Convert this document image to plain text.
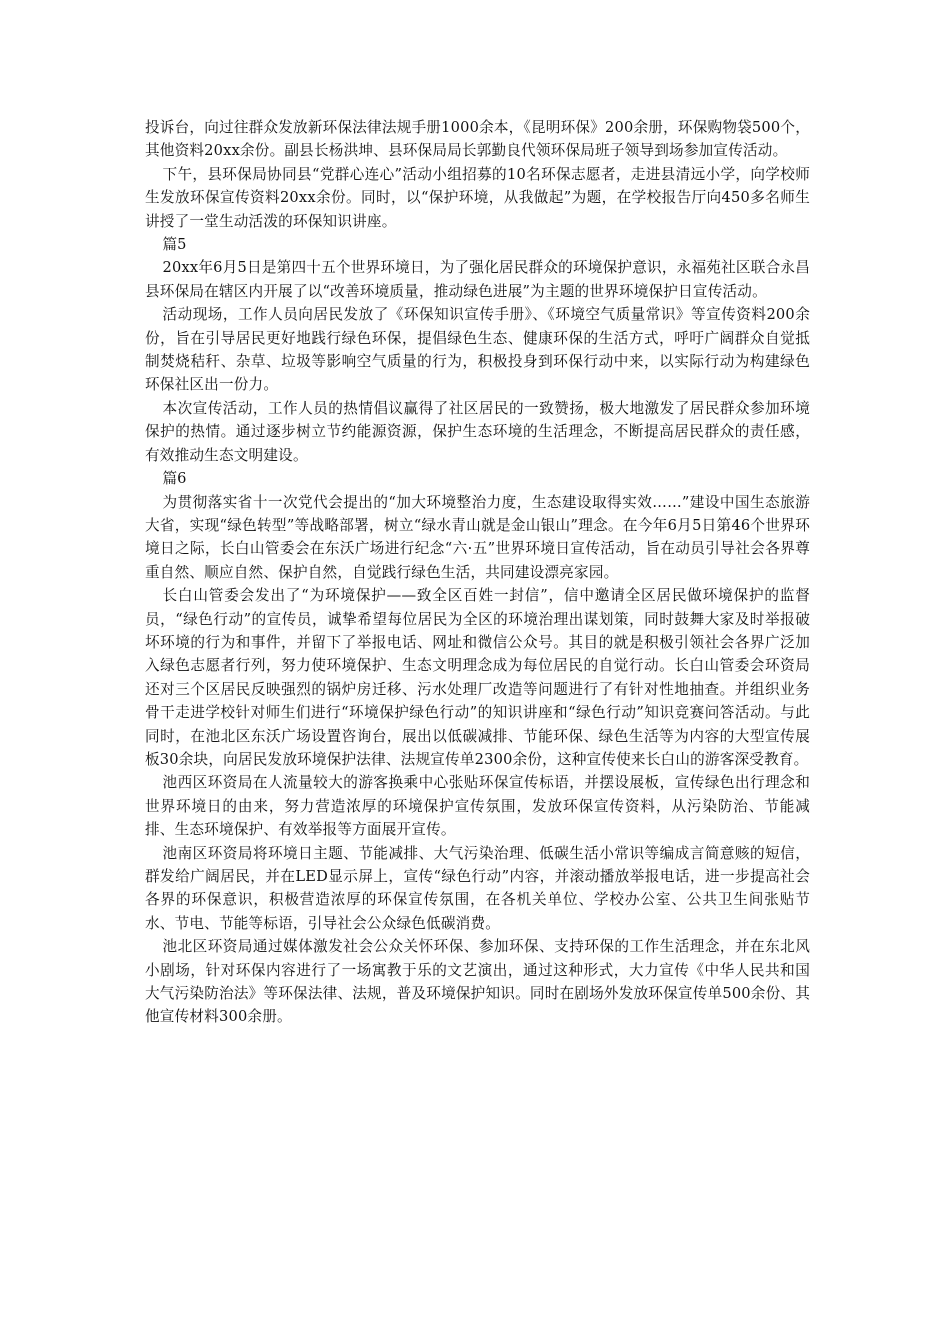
投诉台，向过往群众发放新环保法律法规手册1000余本，《昆明环保》200余册，环保购物袋500个，其他资料20xx余份。副县长杨洪坤、县环保局局长郭勤良代领环保局班子领导到场参加宣传活动。

下午，县环保局协同县“党群心连心”活动小组招募的10名环保志愿者，走进县清远小学，向学校师生发放环保宣传资料20xx余份。同时，以“保护环境，从我做起”为题，在学校报告厅向450多名师生讲授了一堂生动活泼的环保知识讲座。

篇5

20xx年6月5日是第四十五个世界环境日，为了强化居民群众的环境保护意识，永福苑社区联合永昌县环保局在辖区内开展了以“改善环境质量，推动绿色进展”为主题的世界环境保护日宣传活动。

活动现场，工作人员向居民发放了《环保知识宣传手册》、《环境空气质量常识》等宣传资料200余份，旨在引导居民更好地践行绿色环保，提倡绿色生态、健康环保的生活方式，呼吁广阔群众自觉抵制焚烧秸秆、杂草、垃圾等影响空气质量的行为，积极投身到环保行动中来，以实际行动为构建绿色环保社区出一份力。

本次宣传活动，工作人员的热情倡议赢得了社区居民的一致赞扬，极大地激发了居民群众参加环境保护的热情。通过逐步树立节约能源资源，保护生态环境的生活理念，不断提高居民群众的责任感，有效推动生态文明建设。

篇6

为贯彻落实省十一次党代会提出的“加大环境整治力度，生态建设取得实效……”建设中国生态旅游大省，实现“绿色转型”等战略部署，树立“绿水青山就是金山银山”理念。在今年6月5日第46个世界环境日之际，长白山管委会在东沃广场进行纪念“六·五”世界环境日宣传活动，旨在动员引导社会各界尊重自然、顺应自然、保护自然，自觉践行绿色生活，共同建设漂亮家园。

长白山管委会发出了“为环境保护——致全区百姓一封信”，信中邀请全区居民做环境保护的监督员，“绿色行动”的宣传员，诚挚希望每位居民为全区的环境治理出谋划策，同时鼓舞大家及时举报破坏环境的行为和事件，并留下了举报电话、网址和微信公众号。其目的就是积极引领社会各界广泛加入绿色志愿者行列，努力使环境保护、生态文明理念成为每位居民的自觉行动。长白山管委会环资局还对三个区居民反映强烈的锅炉房迁移、污水处理厂改造等问题进行了有针对性地抽查。并组织业务骨干走进学校针对师生们进行“环境保护绿色行动”的知识讲座和“绿色行动”知识竞赛问答活动。与此同时，在池北区东沃广场设置咨询台，展出以低碳减排、节能环保、绿色生活等为内容的大型宣传展板30余块，向居民发放环境保护法律、法规宣传单2300余份，这种宣传使来长白山的游客深受教育。

池西区环资局在人流量较大的游客换乘中心张贴环保宣传标语，并摆设展板，宣传绿色出行理念和世界环境日的由来，努力营造浓厚的环境保护宣传氛围，发放环保宣传资料，从污染防治、节能减排、生态环境保护、有效举报等方面展开宣传。

池南区环资局将环境日主题、节能减排、大气污染治理、低碳生活小常识等编成言简意赅的短信，群发给广阔居民，并在LED显示屏上，宣传“绿色行动”内容，并滚动播放举报电话，进一步提高社会各界的环保意识，积极营造浓厚的环保宣传氛围，在各机关单位、学校办公室、公共卫生间张贴节水、节电、节能等标语，引导社会公众绿色低碳消费。

池北区环资局通过媒体激发社会公众关怀环保、参加环保、支持环保的工作生活理念，并在东北风小剧场，针对环保内容进行了一场寓教于乐的文艺演出，通过这种形式，大力宣传《中华人民共和国大气污染防治法》等环保法律、法规，普及环境保护知识。同时在剧场外发放环保宣传单500余份、其他宣传材料300余册。
